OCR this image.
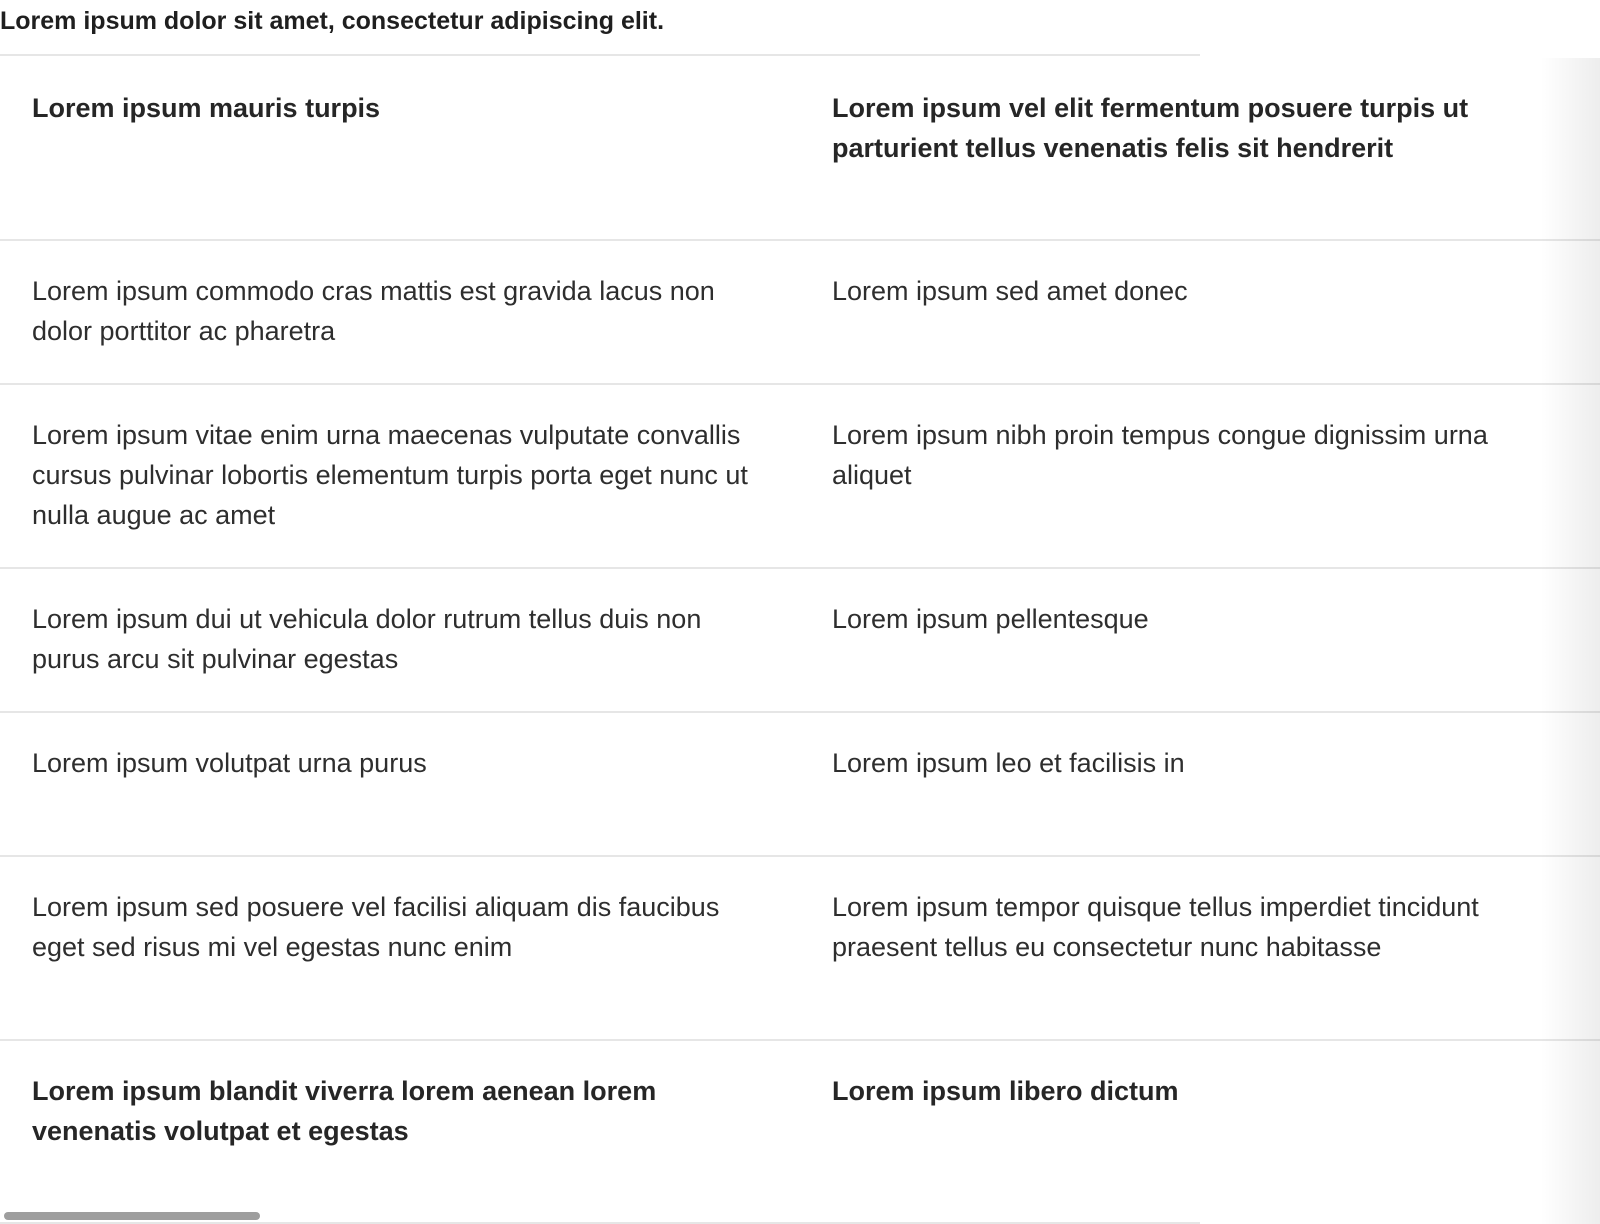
Lorem ipsum dolor sit amet, consectetur adipiscing elit.
Lorem ipsum mauris turpis	Lorem ipsum vel elit fermentum posuere turpis ut parturient tellus venenatis felis sit hendrerit

Lorem ipsum commodo cras mattis est gravida lacus non dolor porttitor ac pharetra	Lorem ipsum sed amet donec

Lorem ipsum vitae enim urna maecenas vulputate convallis cursus pulvinar lobortis elementum turpis porta eget nunc ut nulla augue ac amet	Lorem ipsum nibh proin tempus congue dignissim urna aliquet

Lorem ipsum dui ut vehicula dolor rutrum tellus duis non purus arcu sit pulvinar egestas	Lorem ipsum pellentesque

Lorem ipsum volutpat urna purus	Lorem ipsum leo et facilisis in

Lorem ipsum sed posuere vel facilisi aliquam dis faucibus eget sed risus mi vel egestas nunc enim	Lorem ipsum tempor quisque tellus imperdiet tincidunt praesent tellus eu consectetur nunc habitasse

Lorem ipsum blandit viverra lorem aenean lorem venenatis volutpat et egestas	Lorem ipsum libero dictum
